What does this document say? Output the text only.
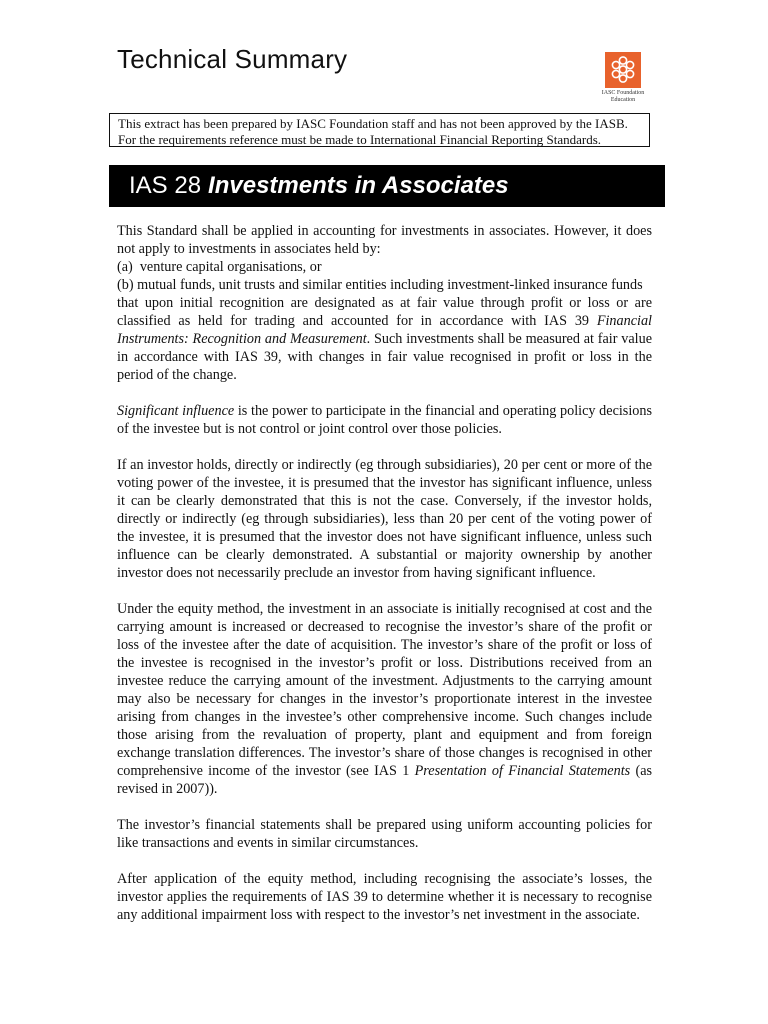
Technical Summary
IASC Foundation
Education
This extract has been prepared by IASC Foundation staff and has not been approved by the IASB.
For the requirements reference must be made to International Financial Reporting Standards.
IAS 28 Investments in Associates

This Standard shall be applied in accounting for investments in associates. However, it does not apply to investments in associates held by:

(a)  venture capital organisations, or
(b) mutual funds, unit trusts and similar entities including investment-linked insurance funds

that upon initial recognition are designated as at fair value through profit or loss or are classified as held for trading and accounted for in accordance with IAS 39 Financial Instruments: Recognition and Measurement. Such investments shall be measured at fair value in accordance with IAS 39, with changes in fair value recognised in profit or loss in the period of the change.

Significant influence is the power to participate in the financial and operating policy decisions of the investee but is not control or joint control over those policies.

If an investor holds, directly or indirectly (eg through subsidiaries), 20 per cent or more of the voting power of the investee, it is presumed that the investor has significant influence, unless it can be clearly demonstrated that this is not the case. Conversely, if the investor holds, directly or indirectly (eg through subsidiaries), less than 20 per cent of the voting power of the investee, it is presumed that the investor does not have significant influence, unless such influence can be clearly demonstrated. A substantial or majority ownership by another investor does not necessarily preclude an investor from having significant influence.

Under the equity method, the investment in an associate is initially recognised at cost and the carrying amount is increased or decreased to recognise the investor’s share of the profit or loss of the investee after the date of acquisition. The investor’s share of the profit or loss of the investee is recognised in the investor’s profit or loss. Distributions received from an investee reduce the carrying amount of the investment. Adjustments to the carrying amount may also be necessary for changes in the investor’s proportionate interest in the investee arising from changes in the investee’s other comprehensive income. Such changes include those arising from the revaluation of property, plant and equipment and from foreign exchange translation differences. The investor’s share of those changes is recognised in other comprehensive income of the investor (see IAS 1 Presentation of Financial Statements (as revised in 2007)).

The investor’s financial statements shall be prepared using uniform accounting policies for like transactions and events in similar circumstances.

After application of the equity method, including recognising the associate’s losses, the investor applies the requirements of IAS 39 to determine whether it is necessary to recognise any additional impairment loss with respect to the investor’s net investment in the associate.
